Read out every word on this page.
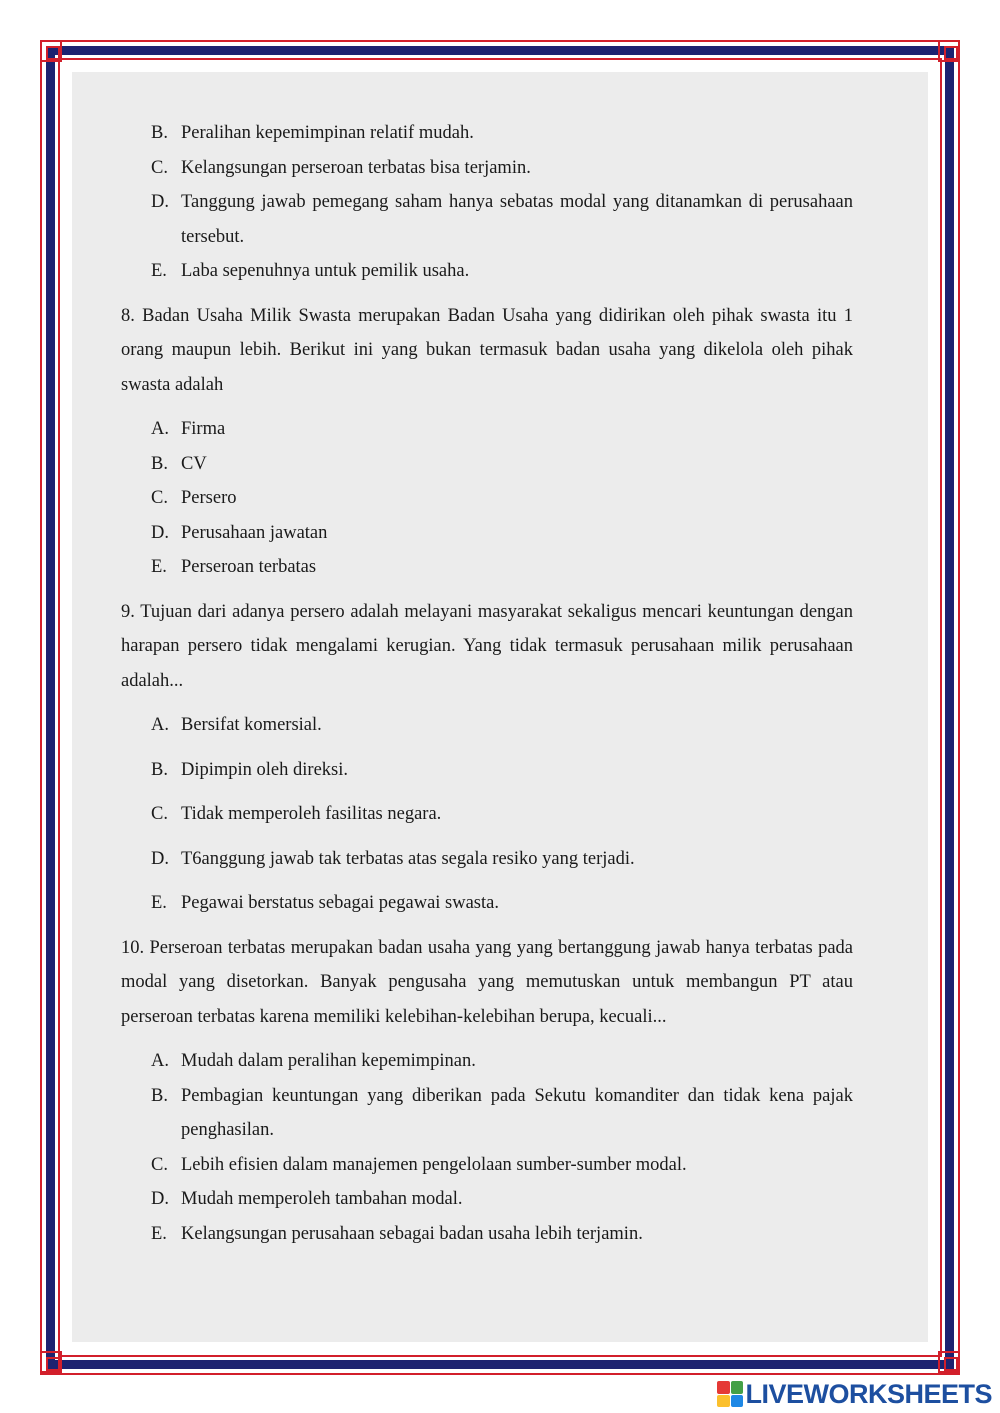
B. Peralihan kepemimpinan relatif mudah.
C. Kelangsungan perseroan terbatas bisa terjamin.
D. Tanggung jawab pemegang saham hanya sebatas modal yang ditanamkan di perusahaan tersebut.
E. Laba sepenuhnya untuk pemilik usaha.

8. Badan Usaha Milik Swasta merupakan Badan Usaha yang didirikan oleh pihak swasta itu 1 orang maupun lebih. Berikut ini yang bukan termasuk badan usaha yang dikelola oleh pihak swasta adalah

A. Firma
B. CV
C. Persero
D. Perusahaan jawatan
E. Perseroan terbatas

9. Tujuan dari adanya persero adalah melayani masyarakat sekaligus mencari keuntungan dengan harapan persero tidak mengalami kerugian. Yang tidak termasuk perusahaan milik perusahaan adalah...

A. Bersifat komersial.
B. Dipimpin oleh direksi.
C. Tidak memperoleh fasilitas negara.
D. T6anggung jawab tak terbatas atas segala resiko yang terjadi.
E. Pegawai berstatus sebagai pegawai swasta.

10. Perseroan terbatas merupakan badan usaha yang yang bertanggung jawab hanya terbatas pada modal yang disetorkan. Banyak pengusaha yang memutuskan untuk membangun PT atau perseroan terbatas karena memiliki kelebihan-kelebihan berupa, kecuali...

A. Mudah dalam peralihan kepemimpinan.
B. Pembagian keuntungan yang diberikan pada Sekutu komanditer dan tidak kena pajak penghasilan.
C. Lebih efisien dalam manajemen pengelolaan sumber-sumber modal.
D. Mudah memperoleh tambahan modal.
E. Kelangsungan perusahaan sebagai badan usaha lebih terjamin.
LIVEWORKSHEETS
